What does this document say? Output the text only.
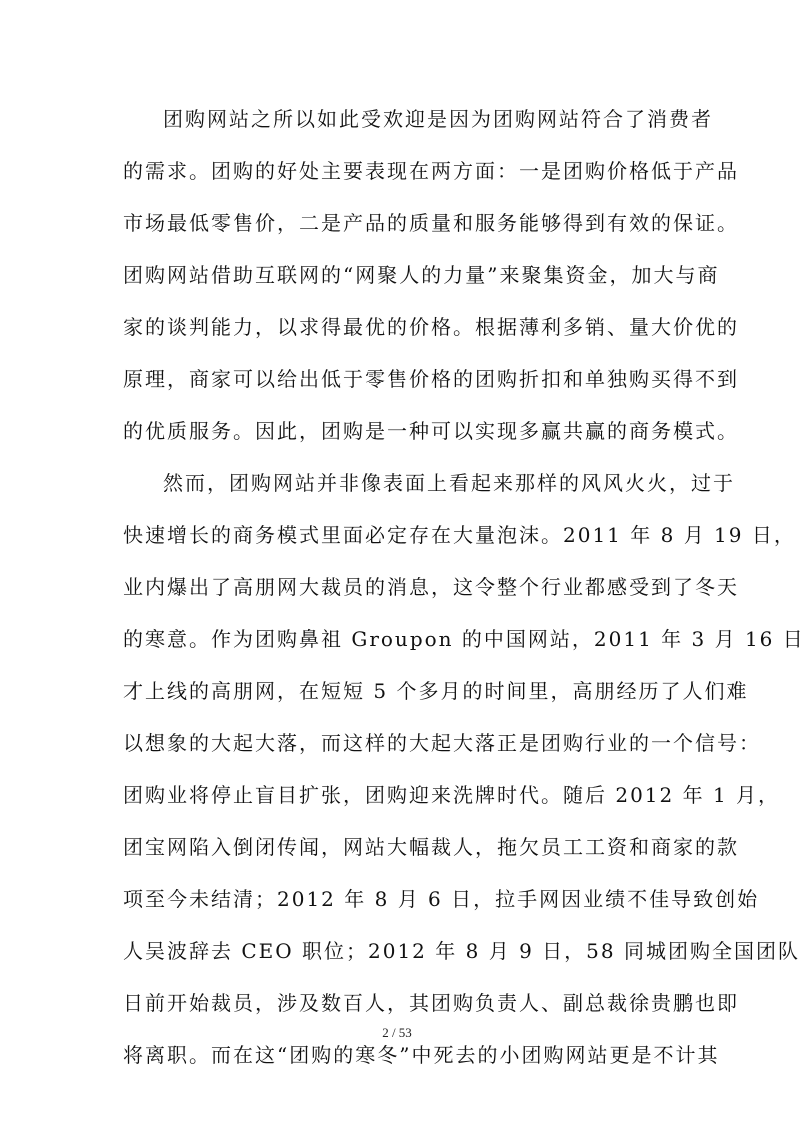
团购网站之所以如此受欢迎是因为团购网站符合了消费者
的需求。团购的好处主要表现在两方面：一是团购价格低于产品
市场最低零售价，二是产品的质量和服务能够得到有效的保证。
团购网站借助互联网的“网聚人的力量”来聚集资金，加大与商
家的谈判能力，以求得最优的价格。根据薄利多销、量大价优的
原理，商家可以给出低于零售价格的团购折扣和单独购买得不到
的优质服务。因此，团购是一种可以实现多赢共赢的商务模式。
然而，团购网站并非像表面上看起来那样的风风火火，过于
快速增长的商务模式里面必定存在大量泡沫。2011 年 8 月 19 日，
业内爆出了高朋网大裁员的消息，这令整个行业都感受到了冬天
的寒意。作为团购鼻祖 Groupon 的中国网站，2011 年 3 月 16 日
才上线的高朋网，在短短 5 个多月的时间里，高朋经历了人们难
以想象的大起大落，而这样的大起大落正是团购行业的一个信号：
团购业将停止盲目扩张，团购迎来洗牌时代。随后 2012 年 1 月，
团宝网陷入倒闭传闻，网站大幅裁人，拖欠员工工资和商家的款
项至今未结清；2012 年 8 月 6 日，拉手网因业绩不佳导致创始
人吴波辞去 CEO 职位；2012 年 8 月 9 日，58 同城团购全国团队
日前开始裁员，涉及数百人，其团购负责人、副总裁徐贵鹏也即
将离职。而在这“团购的寒冬”中死去的小团购网站更是不计其
2 / 53
